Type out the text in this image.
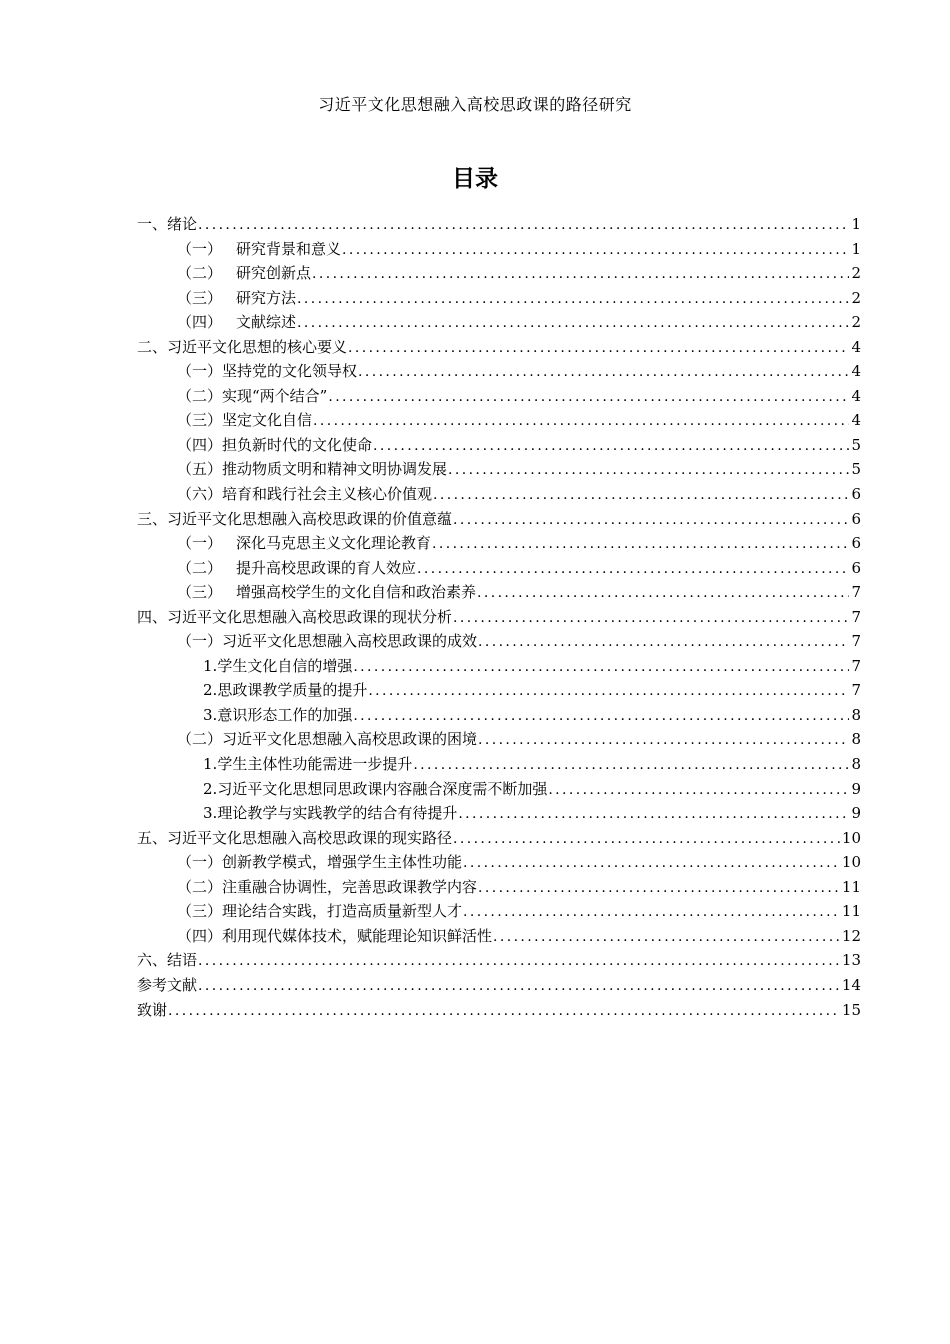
习近平文化思想融入高校思政课的路径研究
目录
一、绪论 .....	1
（一） 研究背景和意义 .....	1
（二） 研究创新点 .....	2
（三） 研究方法 .....	2
（四） 文献综述 .....	2
二、习近平文化思想的核心要义 .....	4
（一） 坚持党的文化领导权 .....	4
（二） 实现“两个结合” .....	4
（三） 坚定文化自信 .....	4
（四） 担负新时代的文化使命 .....	5
（五） 推动物质文明和精神文明协调发展 .....	5
（六） 培育和践行社会主义核心价值观 .....	6
三、习近平文化思想融入高校思政课的价值意蕴 .....	6
（一） 深化马克思主义文化理论教育 .....	6
（二） 提升高校思政课的育人效应 .....	6
（三） 增强高校学生的文化自信和政治素养 .....	7
四、习近平文化思想融入高校思政课的现状分析 .....	7
（一） 习近平文化思想融入高校思政课的成效 .....	7
1. 学生文化自信的增强 .....	7
2. 思政课教学质量的提升 .....	7
3. 意识形态工作的加强 .....	8
（二） 习近平文化思想融入高校思政课的困境 .....	8
1. 学生主体性功能需进一步提升 .....	8
2. 习近平文化思想同思政课内容融合深度需不断加强 .....	9
3. 理论教学与实践教学的结合有待提升 .....	9
五、习近平文化思想融入高校思政课的现实路径 .....	10
（一） 创新教学模式，增强学生主体性功能 .....	10
（二） 注重融合协调性，完善思政课教学内容 .....	11
（三） 理论结合实践，打造高质量新型人才 .....	11
（四） 利用现代媒体技术，赋能理论知识鲜活性 .....	12
六、结语 .....	13
参考文献 .....	14
致谢 .....	15
